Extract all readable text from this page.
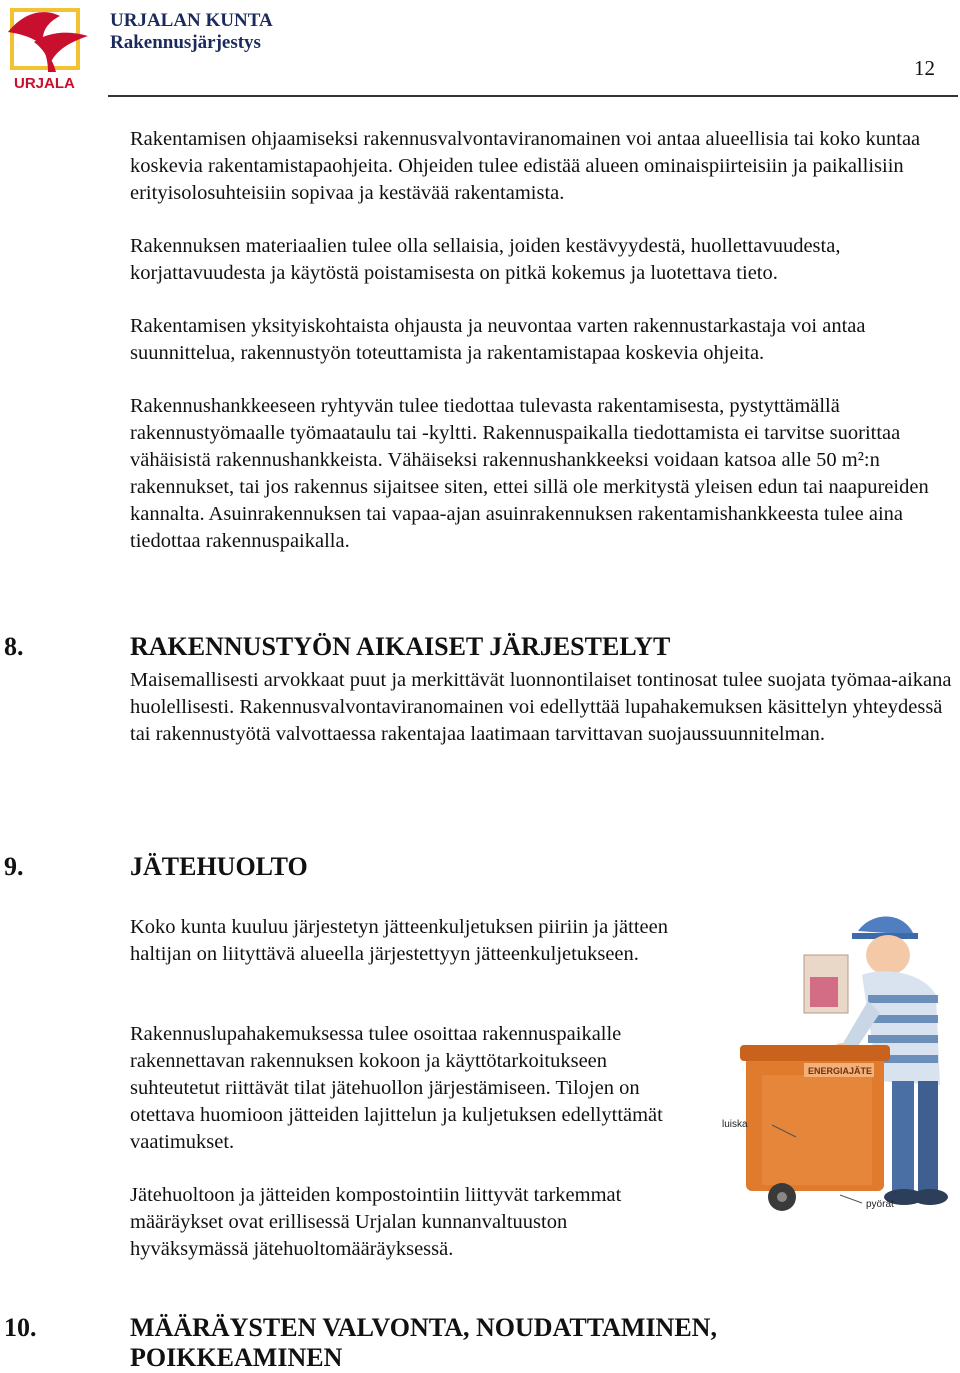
URJALA
URJALAN KUNTA
Rakennusjärjestys
12

Rakentamisen ohjaamiseksi rakennusvalvontaviranomainen voi antaa alueellisia tai koko kuntaa koskevia rakentamistapaohjeita. Ohjeiden tulee edistää alueen ominaispiirteisiin ja paikallisiin erityisolosuhteisiin sopivaa ja kestävää rakentamista.

Rakennuksen materiaalien tulee olla sellaisia, joiden kestävyydestä, huollettavuudesta, korjattavuudesta ja käytöstä poistamisesta on pitkä kokemus ja luotettava tieto.

Rakentamisen yksityiskohtaista ohjausta ja neuvontaa varten rakennustarkastaja voi antaa suunnittelua, rakennustyön toteuttamista ja rakentamistapaa koskevia ohjeita.

Rakennushankkeeseen ryhtyvän tulee tiedottaa tulevasta rakentamisesta, pystyttämällä rakennustyömaalle työmaataulu tai -kyltti. Rakennuspaikalla tiedottamista ei tarvitse suorittaa vähäisistä rakennushankkeista. Vähäiseksi rakennushankkeeksi voidaan katsoa alle 50 m²:n rakennukset, tai jos rakennus sijaitsee siten, ettei sillä ole merkitystä yleisen edun tai naapureiden kannalta. Asuinrakennuksen tai vapaa-ajan asuinrakennuksen rakentamishankkeesta tulee aina tiedottaa rakennuspaikalla.

8.	RAKENNUSTYÖN AIKAISET JÄRJESTELYT

Maisemallisesti arvokkaat puut ja merkittävät luonnontilaiset tontinosat tulee suojata työmaa-aikana huolellisesti. Rakennusvalvontaviranomainen voi edellyttää lupahakemuksen käsittelyn yhteydessä tai rakennustyötä valvottaessa rakentajaa laatimaan tarvittavan suojaussuunnitelman.

9.	JÄTEHUOLTO

Koko kunta kuuluu järjestetyn jätteenkuljetuksen piiriin ja jätteen haltijan on liityttävä alueella järjestettyyn jätteenkuljetukseen.

Rakennuslupahakemuksessa tulee osoittaa rakennuspaikalle rakennettavan rakennuksen kokoon ja käyttötarkoitukseen suhteutetut riittävät tilat jätehuollon järjestämiseen. Tilojen on otettava huomioon jätteiden lajittelun ja kuljetuksen edellyttämät vaatimukset.

Jätehuoltoon ja jätteiden kompostointiin liittyvät tarkemmat määräykset ovat erillisessä Urjalan kunnanvaltuuston hyväksymässä jätehuoltomääräyksessä.

ENERGIAJÄTE
luiska
pyörät
10.	MÄÄRÄYSTEN VALVONTA, NOUDATTAMINEN, POIKKEAMINEN
